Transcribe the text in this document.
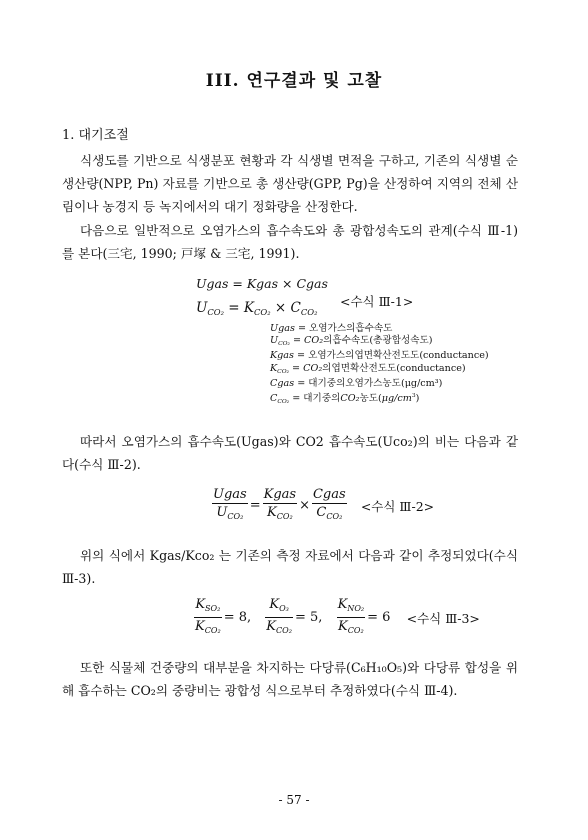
III. 연구결과 및 고찰
1. 대기조절
식생도를 기반으로 식생분포 현황과 각 식생별 면적을 구하고, 기존의 식생별 순 생산량(NPP, Pn) 자료를 기반으로 총 생산량(GPP, Pg)을 산정하여 지역의 전체 산림이나 농경지 등 녹지에서의 대기 정화량을 산정한다.
다음으로 일반적으로 오염가스의 흡수속도와 총 광합성속도의 관계(수식 Ⅲ-1)를 본다(三宅, 1990; 戸塚 & 三宅, 1991).
Ugas = Kgas × Cgas
$U_{CO_2} = K_{CO_2} \times C_{CO_2}$
<수식 Ⅲ-1>
Ugas = 오염가스의흡수속도
$U_{CO_2} = CO_2$의흡수속도(총광합성속도)
Kgas = 오염가스의엽면확산전도도(conductance)
$K_{CO_2} = CO_2$의엽면확산전도도(conductance)
Cgas = 대기중의오염가스농도(μg/cm³)
$C_{CO_2}$ = 대기중의CO₂농도$(\mu g/cm^3)$
따라서 오염가스의 흡수속도(Ugas)와 CO2 흡수속도(Uco₂)의 비는 다음과 같다(수식 Ⅲ-2).
$\frac{\text{Ugas}}{U_{CO_2}} = \frac{\text{Kgas}}{K_{CO_2}} \times \frac{\text{Cgas}}{C_{CO_2}}$ <수식 Ⅲ-2>
위의 식에서 Kgas/Kco₂ 는 기존의 측정 자료에서 다음과 같이 추정되었다(수식 Ⅲ-3).
$\frac{K_{SO_2}}{K_{CO_2}} = 8$, $\frac{K_{O_3}}{K_{CO_2}} = 5$, $\frac{K_{NO_2}}{K_{CO_2}} = 6$ <수식 Ⅲ-3>
또한 식물체 건중량의 대부분을 차지하는 다당류(C₆H₁₀O₅)와 다당류 합성을 위해 흡수하는 CO₂의 중량비는 광합성 식으로부터 추정하였다(수식 Ⅲ-4).
- 57 -
